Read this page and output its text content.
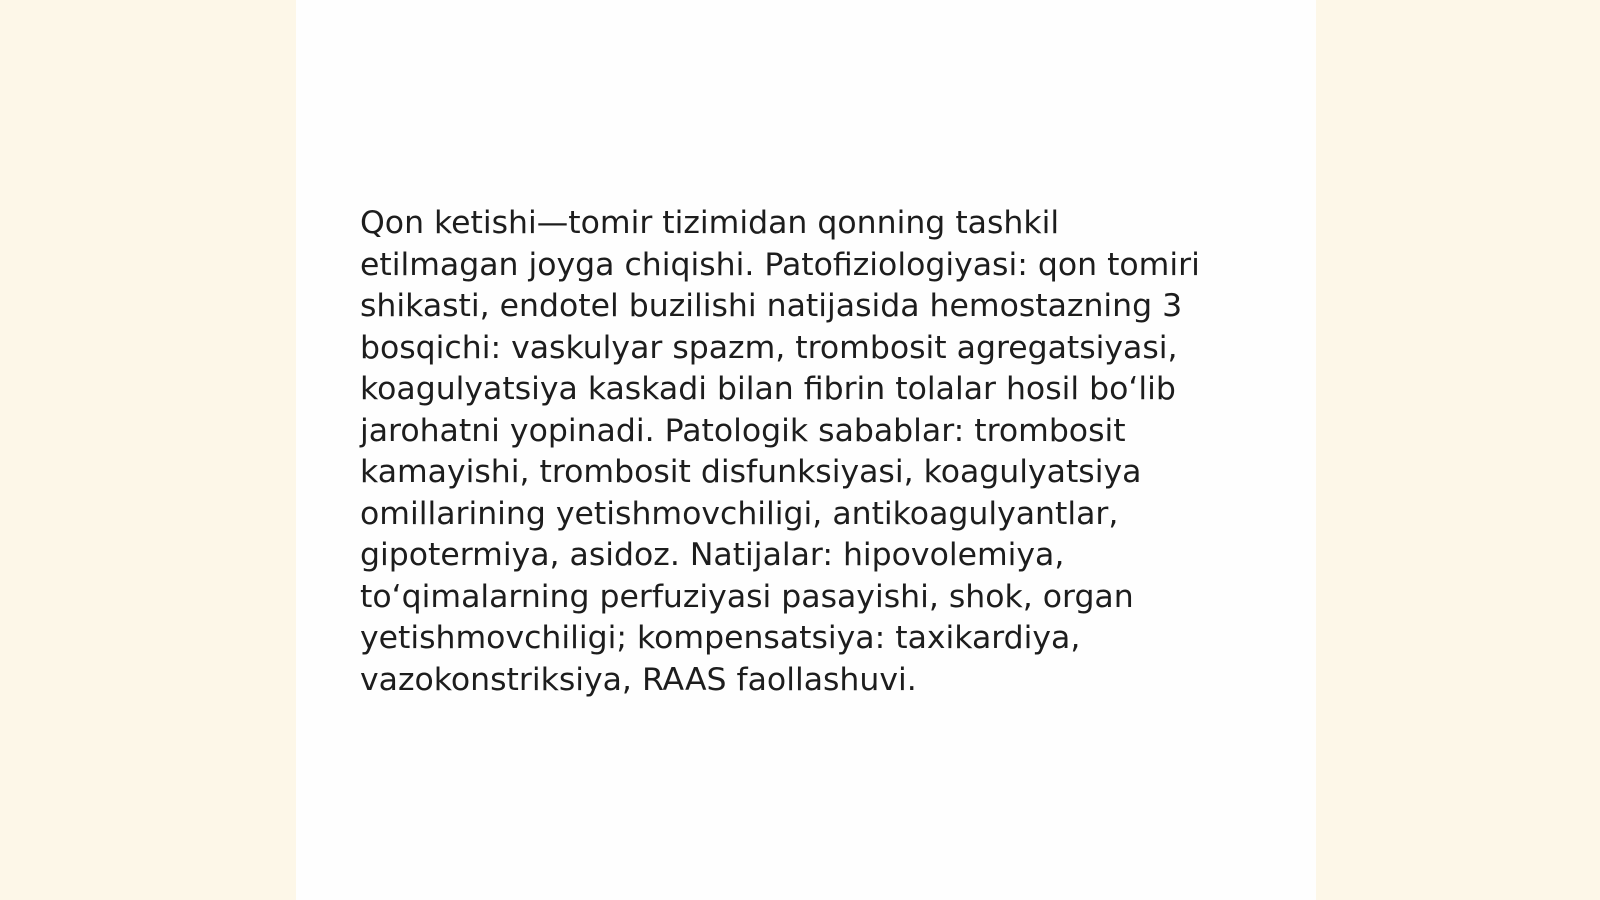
Qon ketishi—tomir tizimidan qonning tashkil
etilmagan joyga chiqishi. Patofiziologiyasi: qon tomiri
shikasti, endotel buzilishi natijasida hemostazning 3
bosqichi: vaskulyar spazm, trombosit agregatsiyasi,
koagulyatsiya kaskadi bilan fibrin tolalar hosil bo‘lib
jarohatni yopinadi. Patologik sabablar: trombosit
kamayishi, trombosit disfunksiyasi, koagulyatsiya
omillarining yetishmovchiligi, antikoagulyantlar,
gipotermiya, asidoz. Natijalar: hipovolemiya,
to‘qimalarning perfuziyasi pasayishi, shok, organ
yetishmovchiligi; kompensatsiya: taxikardiya,
vazokonstriksiya, RAAS faollashuvi.
